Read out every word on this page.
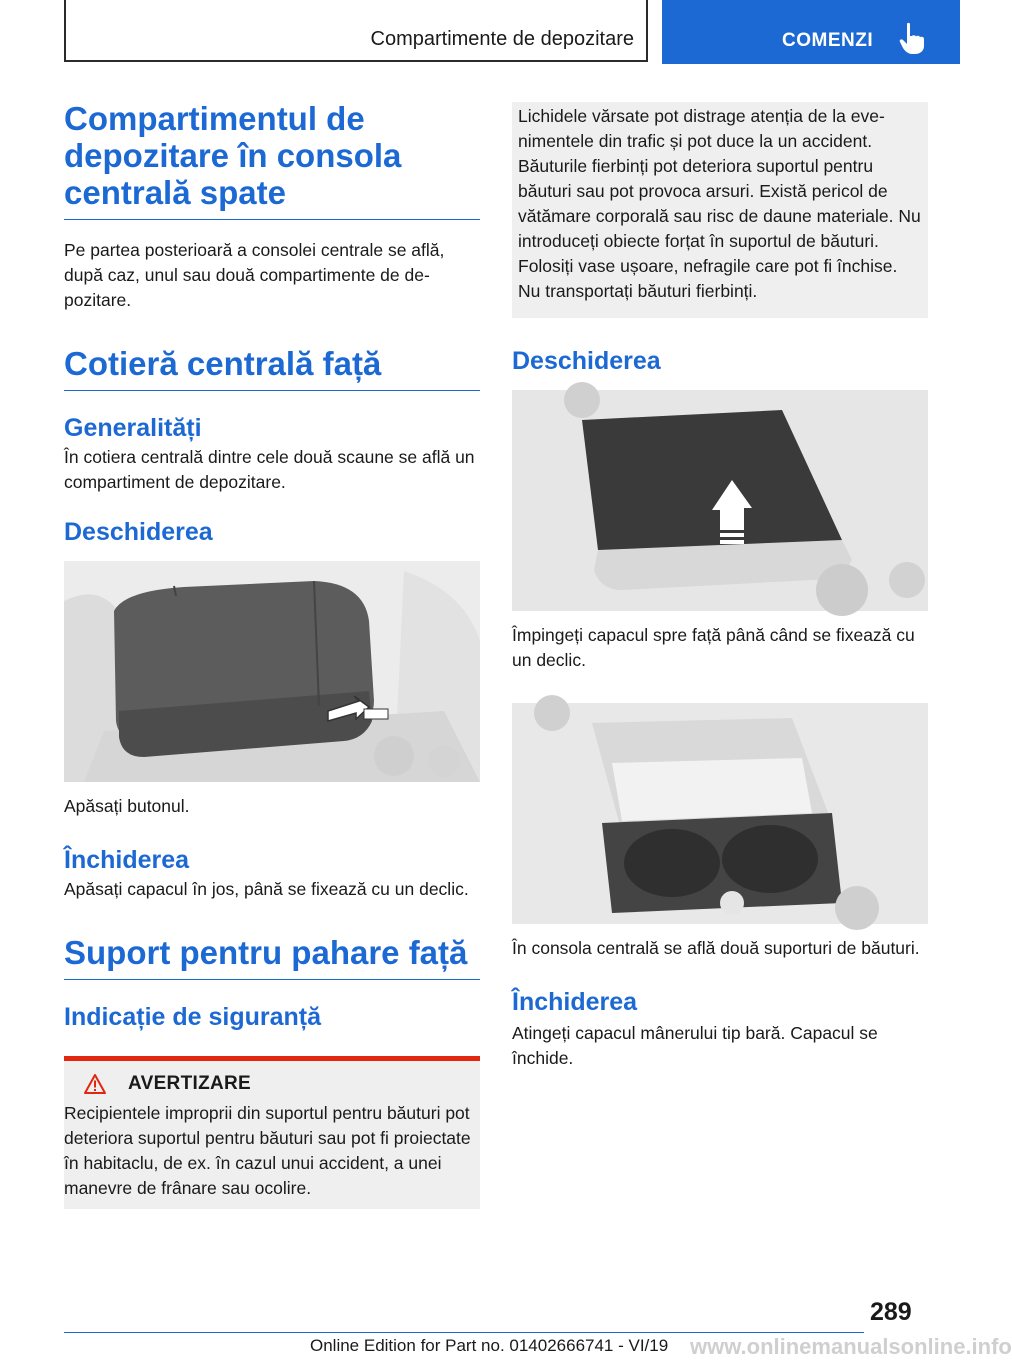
Compartimente de depozitare	COMENZI
Compartimentul de depozitare în consola centrală spate

Pe partea posterioară a consolei centrale se află, după caz, unul sau două compartimente de depozitare.

Cotieră centrală față
Generalități

În cotiera centrală dintre cele două scaune se află un compartiment de depozitare.

Deschiderea

Apăsați butonul.

Închiderea

Apăsați capacul în jos, până se fixează cu un declic.

Suport pentru pahare față
Indicație de siguranță
AVERTIZARE

Recipientele improprii din suportul pentru băuturi pot deteriora suportul pentru băuturi sau pot fi proiectate în habitaclu, de ex. în cazul unui accident, a unei manevre de frânare sau ocolire.

Lichidele vărsate pot distrage atenția de la evenimentele din trafic și pot duce la un accident. Băuturile fierbinți pot deteriora suportul pentru băuturi sau pot provoca arsuri. Există pericol de vătămare corporală sau risc de daune materiale. Nu introduceți obiecte forțat în suportul de băuturi. Folosiți vase ușoare, nefragile care pot fi închise. Nu transportați băuturi fierbinți.

Deschiderea

Împingeți capacul spre față până când se fixează cu un declic.

În consola centrală se află două suporturi de băuturi.

Închiderea

Atingeți capacul mânerului tip bară. Capacul se închide.

289
Online Edition for Part no. 01402666741 - VI/19 www.onlinemanualsonline.info
